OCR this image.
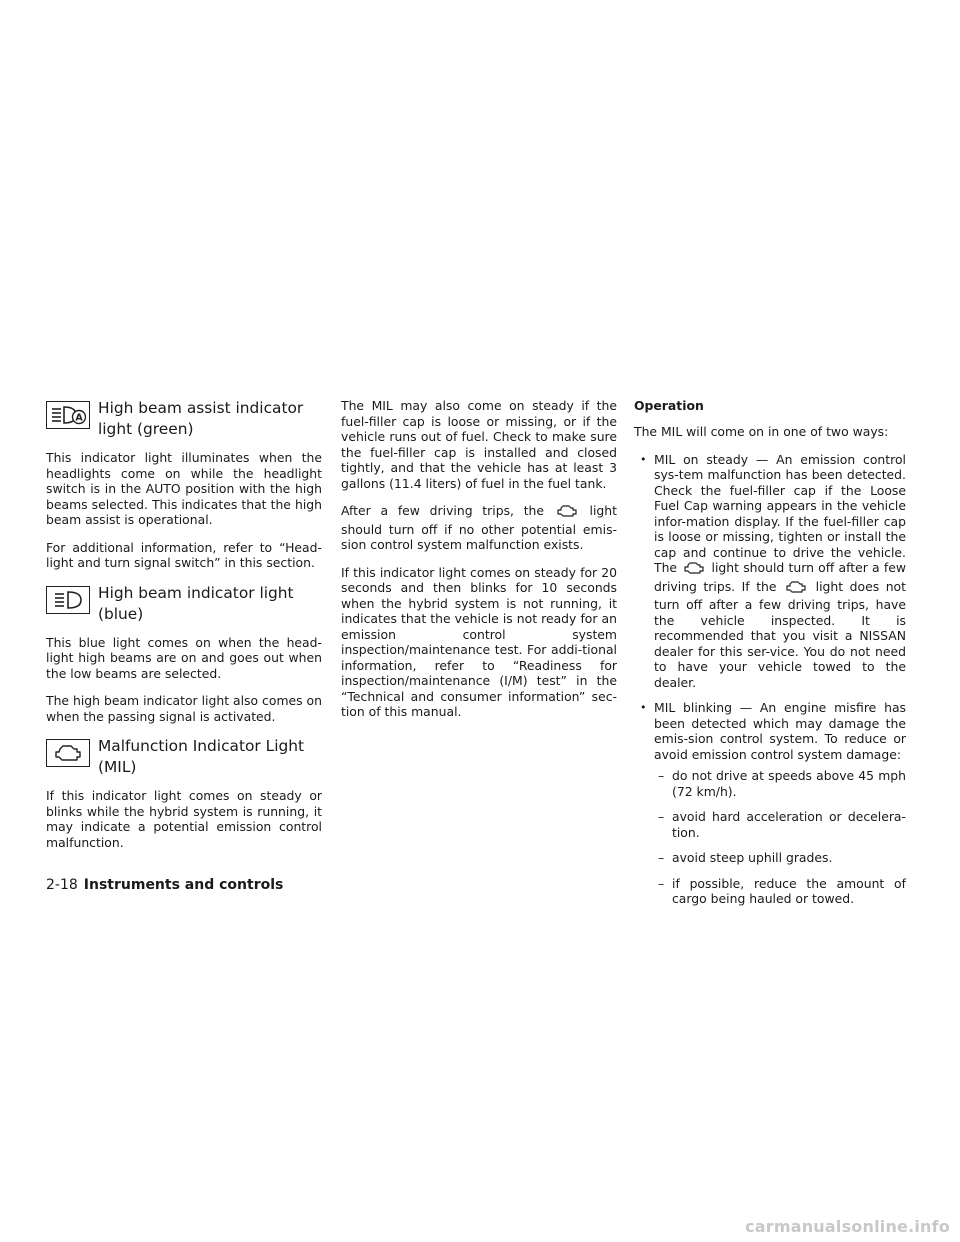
A
High beam assist indicator
light (green)

This indicator light illuminates when the headlights come on while the headlight switch is in the AUTO position with the high beams selected. This indicates that the high beam assist is operational.

For additional information, refer to “Head-light and turn signal switch” in this section.

High beam indicator light
(blue)

This blue light comes on when the head-light high beams are on and goes out when the low beams are selected.

The high beam indicator light also comes on when the passing signal is activated.

Malfunction Indicator Light
(MIL)

If this indicator light comes on steady or blinks while the hybrid system is running, it may indicate a potential emission control malfunction.

The MIL may also come on steady if the fuel-filler cap is loose or missing, or if the vehicle runs out of fuel. Check to make sure the fuel-filler cap is installed and closed tightly, and that the vehicle has at least 3 gallons (11.4 liters) of fuel in the fuel tank.

After a few driving trips, the	light should turn off if no other potential emis-sion control system malfunction exists.

If this indicator light comes on steady for 20 seconds and then blinks for 10 seconds when the hybrid system is not running, it indicates that the vehicle is not ready for an emission control system inspection/maintenance test. For addi-tional information, refer to “Readiness for inspection/maintenance (I/M) test” in the “Technical and consumer information” sec-tion of this manual.

Operation

The MIL will come on in one of two ways:

• MIL on steady — An emission control sys-tem malfunction has been detected. Check the fuel-filler cap if the Loose Fuel Cap warning appears in the vehicle infor-mation display. If the fuel-filler cap is loose or missing, tighten or install the cap and continue to drive the vehicle. The	light should turn off after a few driving trips. If the	light does not turn off after a few driving trips, have the vehicle inspected. It is recommended that you visit a NISSAN dealer for this ser-vice. You do not need to have your vehicle towed to the dealer.
• MIL blinking — An engine misfire has been detected which may damage the emis-sion control system. To reduce or avoid emission control system damage:
– do not drive at speeds above 45 mph (72 km/h).
– avoid hard acceleration or decelera-tion.
– avoid steep uphill grades.
– if possible, reduce the amount of cargo being hauled or towed.
2-18 Instruments and controls
carmanualsonline.info
